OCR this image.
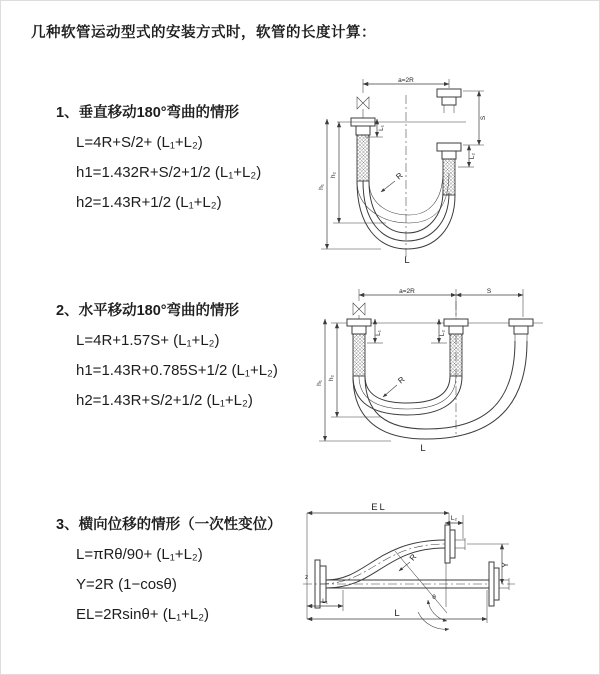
几种软管运动型式的安装方式时，软管的长度计算：
1、垂直移动180°弯曲的情形
L=4R+S/2+ (L₁+L₂)
h1=1.432R+S/2+1/2 (L₁+L₂)
h2=1.43R+1/2 (L₁+L₂)
2、水平移动180°弯曲的情形
L=4R+1.57S+ (L₁+L₂)
h1=1.43R+0.785S+1/2 (L₁+L₂)
h2=1.43R+S/2+1/2 (L₁+L₂)
3、横向位移的情形（一次性变位）
L=πRθ/90+ (L₁+L₂)
Y=2R (1−cosθ)
EL=2Rsinθ+ (L₁+L₂)
a=2R
h₁
h₂
L₁
S
L₂
R
L
a=2R	S
h₁
h₂
L₁	L₂
R
L
EL
L₂
z
Y
θ
R
L₁
L
